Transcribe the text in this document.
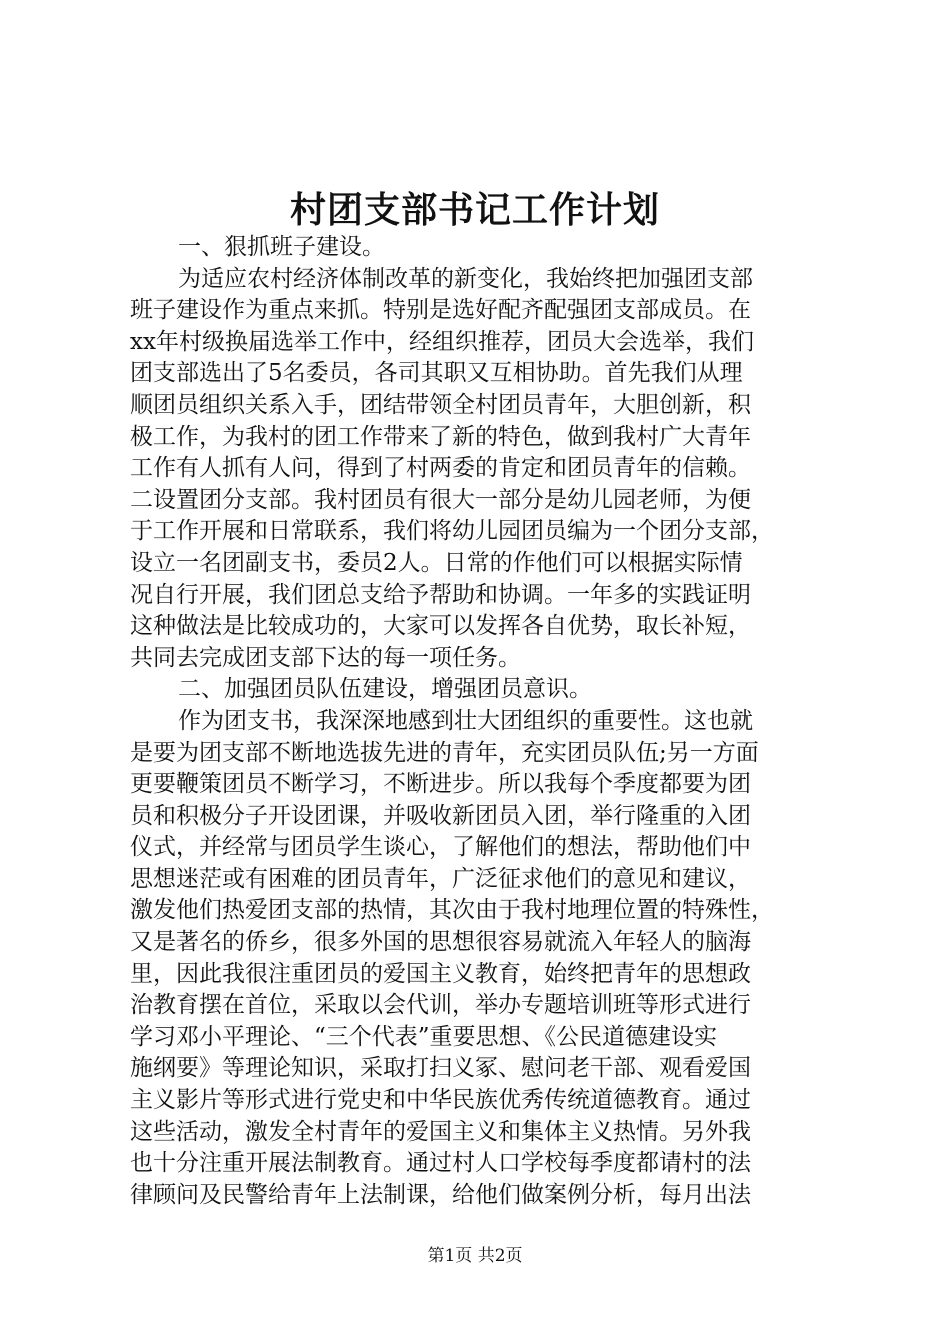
村团支部书记工作计划
一、狠抓班子建设。
为适应农村经济体制改革的新变化，我始终把加强团支部
班子建设作为重点来抓。特别是选好配齐配强团支部成员。在
xx年村级换届选举工作中，经组织推荐，团员大会选举，我们
团支部选出了5名委员，各司其职又互相协助。首先我们从理
顺团员组织关系入手，团结带领全村团员青年，大胆创新，积
极工作，为我村的团工作带来了新的特色，做到我村广大青年
工作有人抓有人问，得到了村两委的肯定和团员青年的信赖。
二设置团分支部。我村团员有很大一部分是幼儿园老师，为便
于工作开展和日常联系，我们将幼儿园团员编为一个团分支部，
设立一名团副支书，委员2人。日常的作他们可以根据实际情
况自行开展，我们团总支给予帮助和协调。一年多的实践证明
这种做法是比较成功的，大家可以发挥各自优势，取长补短，
共同去完成团支部下达的每一项任务。
二、加强团员队伍建设，增强团员意识。
作为团支书，我深深地感到壮大团组织的重要性。这也就
是要为团支部不断地选拔先进的青年，充实团员队伍;另一方面
更要鞭策团员不断学习，不断进步。所以我每个季度都要为团
员和积极分子开设团课，并吸收新团员入团，举行隆重的入团
仪式，并经常与团员学生谈心，了解他们的想法，帮助他们中
思想迷茫或有困难的团员青年，广泛征求他们的意见和建议，
激发他们热爱团支部的热情，其次由于我村地理位置的特殊性，
又是著名的侨乡，很多外国的思想很容易就流入年轻人的脑海
里，因此我很注重团员的爱国主义教育，始终把青年的思想政
治教育摆在首位，采取以会代训，举办专题培训班等形式进行
学习邓小平理论、“三个代表”重要思想、《公民道德建设实
施纲要》等理论知识，采取打扫义冢、慰问老干部、观看爱国
主义影片等形式进行党史和中华民族优秀传统道德教育。通过
这些活动，激发全村青年的爱国主义和集体主义热情。另外我
也十分注重开展法制教育。通过村人口学校每季度都请村的法
律顾问及民警给青年上法制课，给他们做案例分析，每月出法
第1页 共2页
